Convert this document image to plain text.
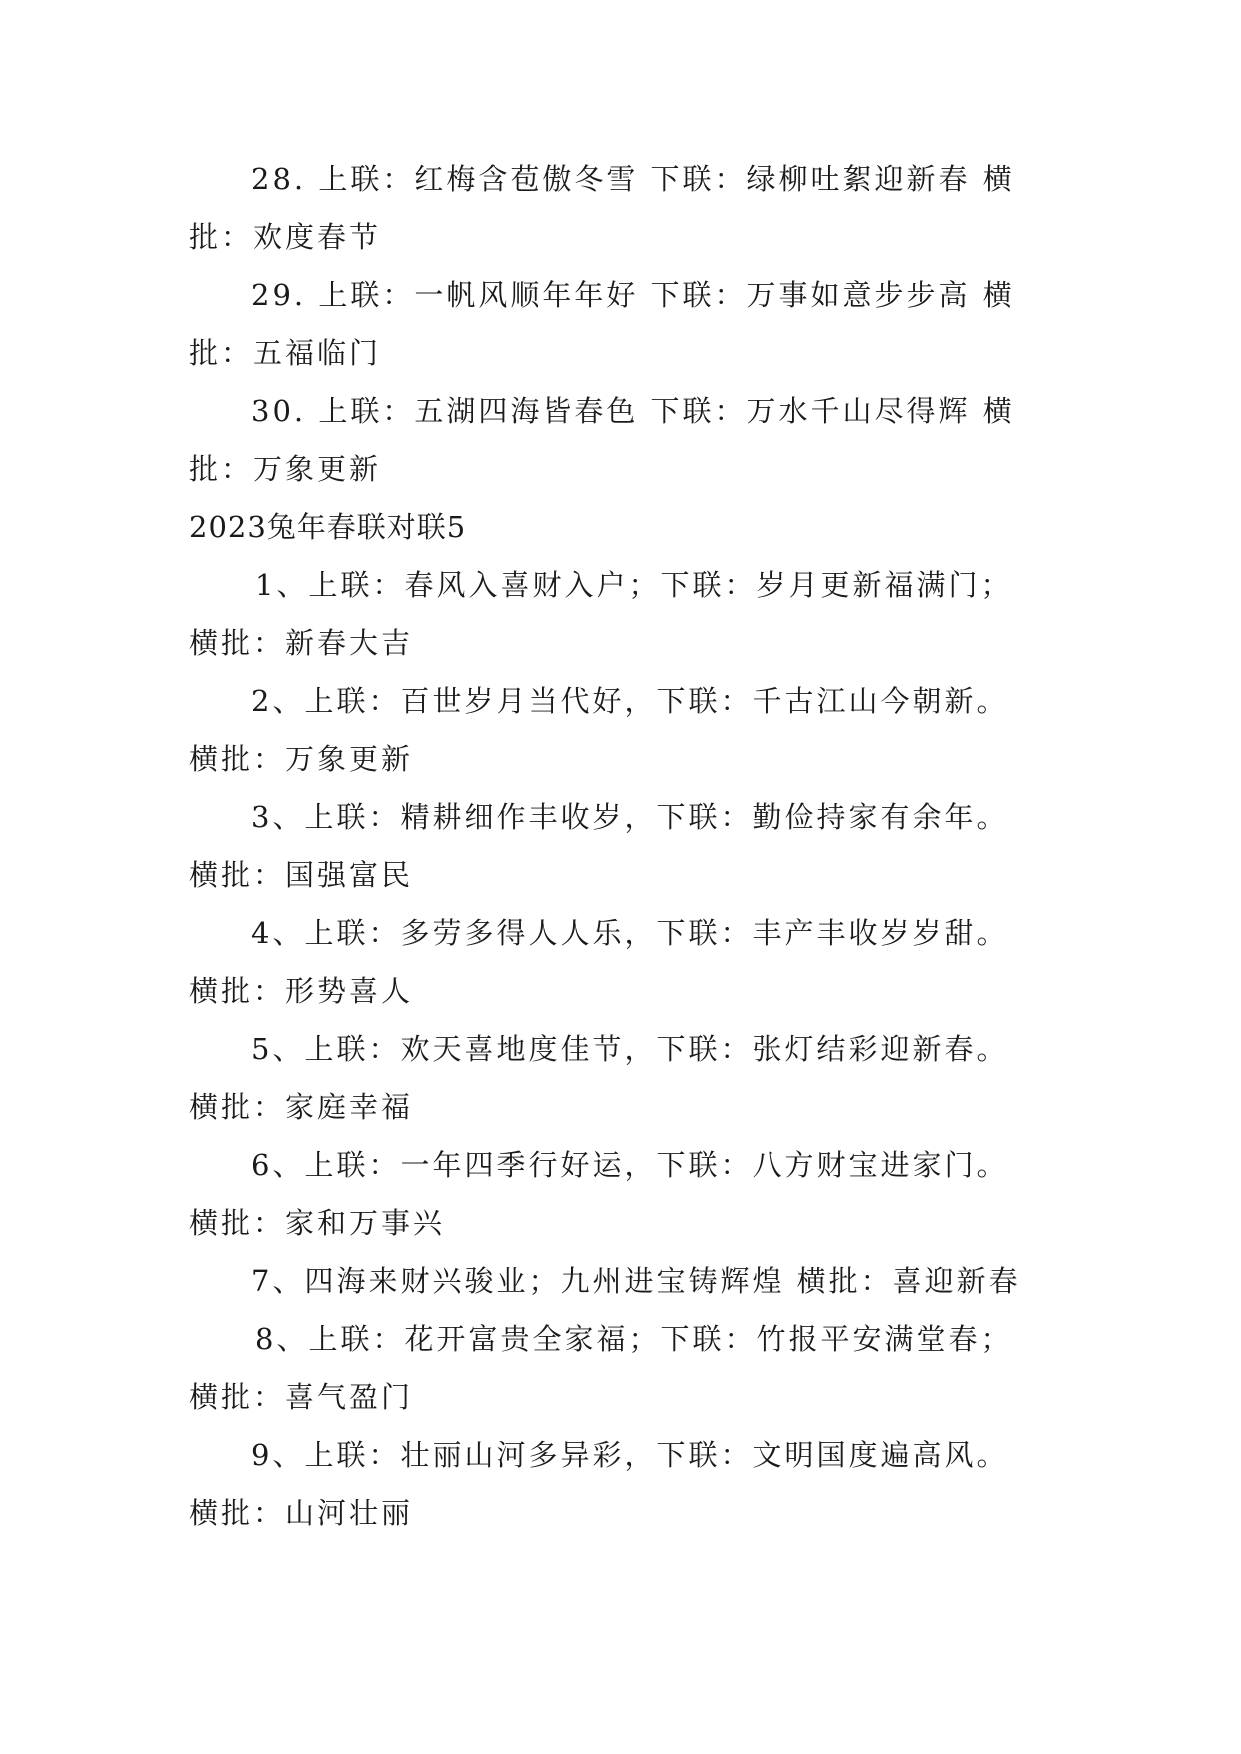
28. 上联：红梅含苞傲冬雪 下联：绿柳吐絮迎新春 横
批：欢度春节
29. 上联：一帆风顺年年好 下联：万事如意步步高 横
批：五福临门
30. 上联：五湖四海皆春色 下联：万水千山尽得辉 横
批：万象更新
2023兔年春联对联5
1、上联：春风入喜财入户；下联：岁月更新福满门；
横批：新春大吉
2、上联：百世岁月当代好，下联：千古江山今朝新。
横批：万象更新
3、上联：精耕细作丰收岁，下联：勤俭持家有余年。
横批：国强富民
4、上联：多劳多得人人乐，下联：丰产丰收岁岁甜。
横批：形势喜人
5、上联：欢天喜地度佳节，下联：张灯结彩迎新春。
横批：家庭幸福
6、上联：一年四季行好运，下联：八方财宝进家门。
横批：家和万事兴
7、四海来财兴骏业；九州进宝铸辉煌 横批：喜迎新春
8、上联：花开富贵全家福；下联：竹报平安满堂春；
横批：喜气盈门
9、上联：壮丽山河多异彩，下联：文明国度遍高风。
横批：山河壮丽
